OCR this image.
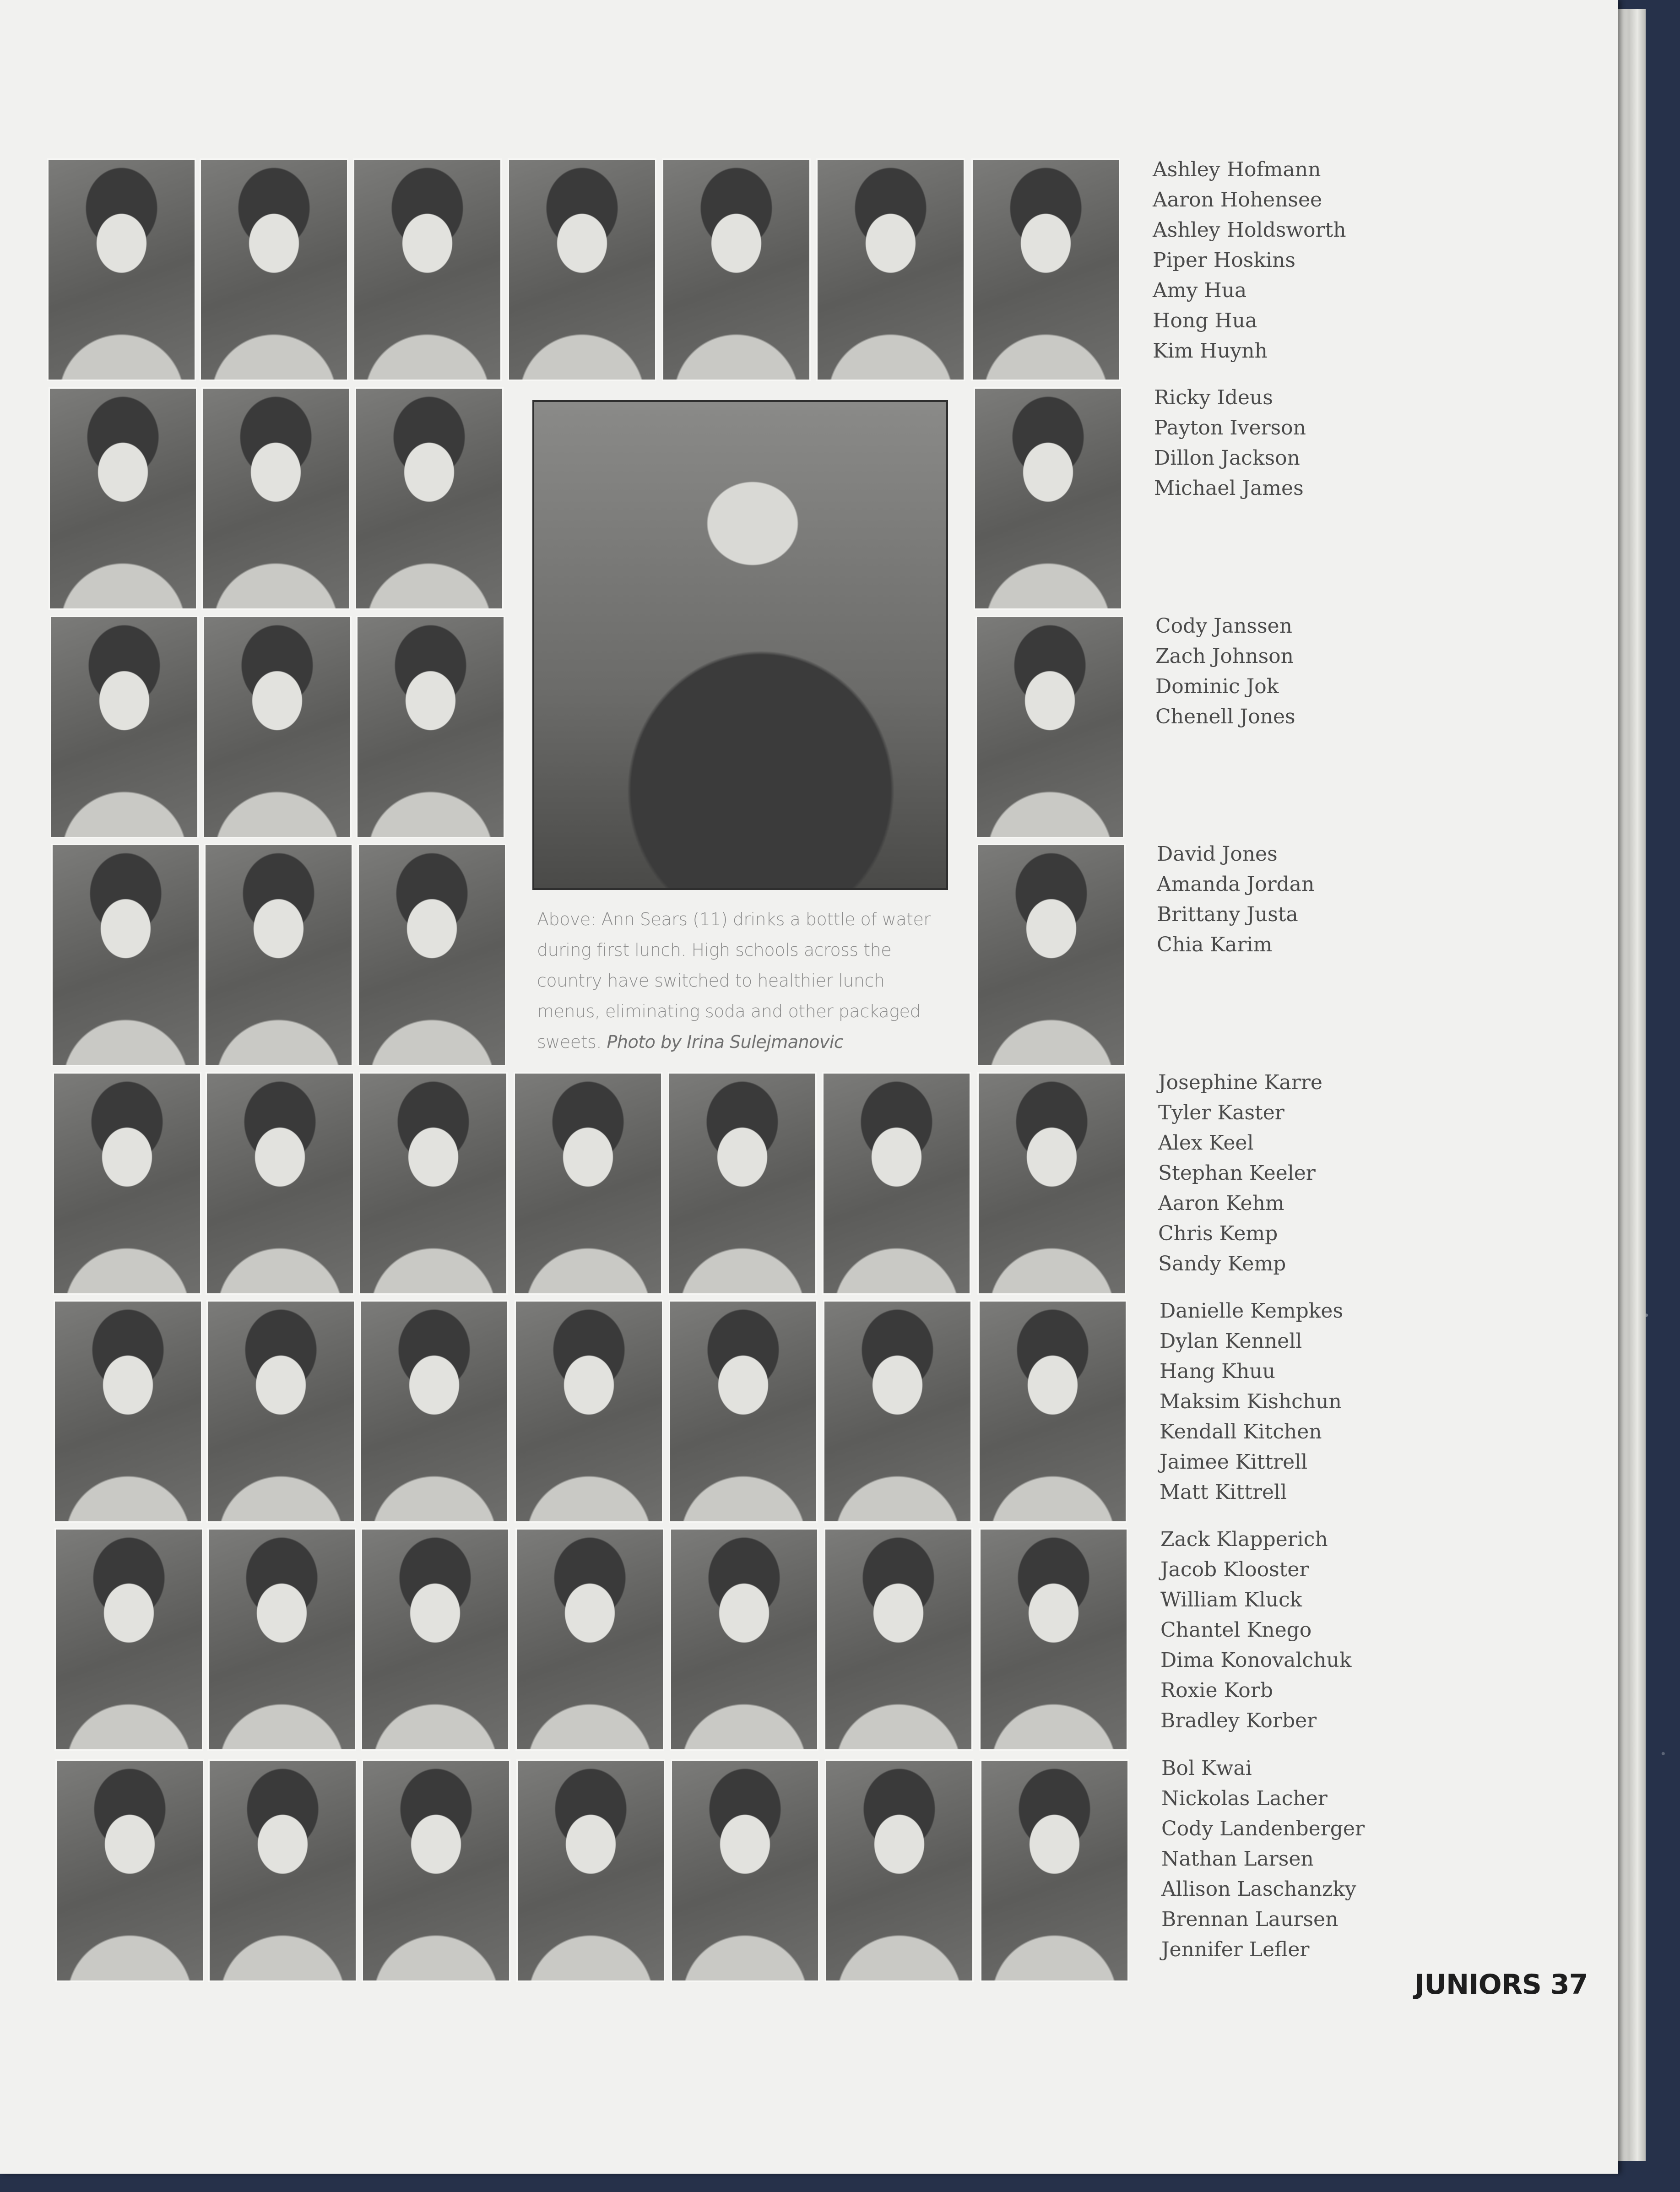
Above: Ann Sears (11) drinks a bottle of water during first lunch. High schools across the country have switched to healthier lunch menus, eliminating soda and other packaged sweets. Photo by Irina Sulejmanovic
Ashley Hofmann
Aaron Hohensee
Ashley Holdsworth
Piper Hoskins
Amy Hua
Hong Hua
Kim Huynh
Ricky Ideus
Payton Iverson
Dillon Jackson
Michael James
Cody Janssen
Zach Johnson
Dominic Jok
Chenell Jones
David Jones
Amanda Jordan
Brittany Justa
Chia Karim
Josephine Karre
Tyler Kaster
Alex Keel
Stephan Keeler
Aaron Kehm
Chris Kemp
Sandy Kemp
Danielle Kempkes
Dylan Kennell
Hang Khuu
Maksim Kishchun
Kendall Kitchen
Jaimee Kittrell
Matt Kittrell
Zack Klapperich
Jacob Klooster
William Kluck
Chantel Knego
Dima Konovalchuk
Roxie Korb
Bradley Korber
Bol Kwai
Nickolas Lacher
Cody Landenberger
Nathan Larsen
Allison Laschanzky
Brennan Laursen
Jennifer Lefler
JUNIORS 37
